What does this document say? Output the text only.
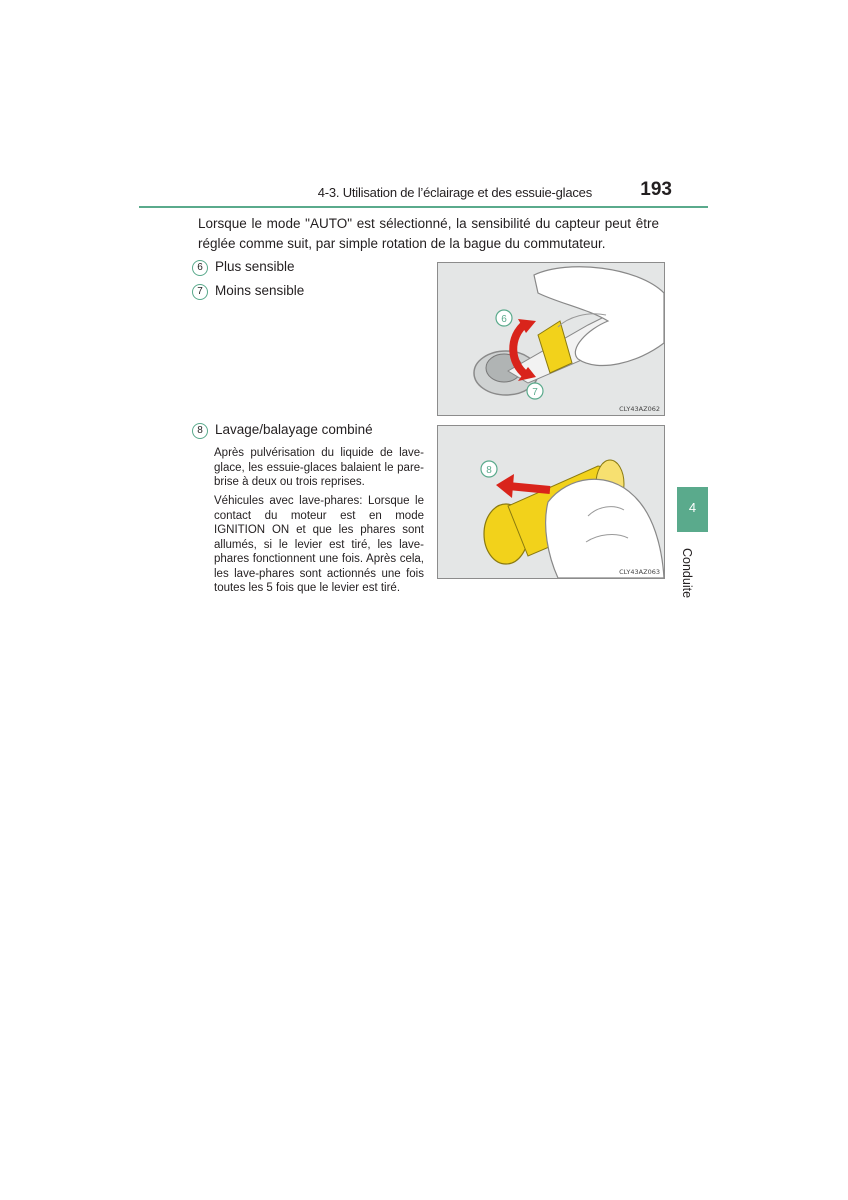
4-3. Utilisation de l’éclairage et des essuie-glaces	193

Lorsque le mode "AUTO" est sélectionné, la sensibilité du capteur peut être réglée comme suit, par simple rotation de la bague du commutateur.

6 Plus sensible
7 Moins sensible
8 Lavage/balayage combiné

Après pulvérisation du liquide de lave-glace, les essuie-glaces balaient le pare-brise à deux ou trois reprises.

Véhicules avec lave-phares: Lorsque le contact du moteur est en mode IGNITION ON et que les phares sont allumés, si le levier est tiré, les lave-phares fonctionnent une fois. Après cela, les lave-phares sont actionnés une fois toutes les 5 fois que le levier est tiré.

6
7
CLY43AZ062
8
CLY43AZ063
4
Conduite
